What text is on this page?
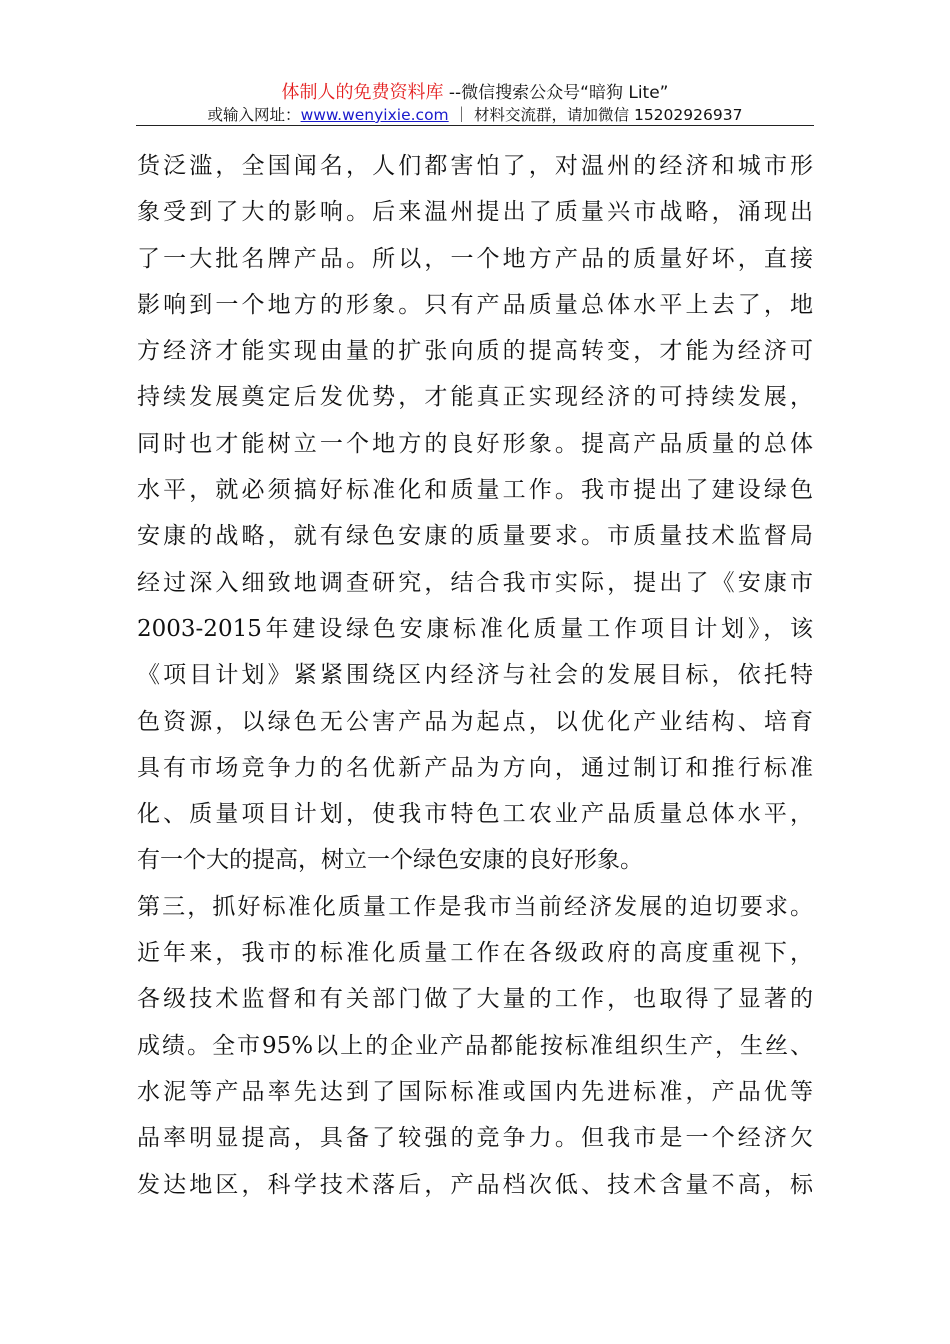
体制人的免费资料库 --微信搜索公众号“暗狗 Lite”
或输入网址：www.wenyixie.com ｜ 材料交流群，请加微信 15202926937
货泛滥，全国闻名，人们都害怕了，对温州的经济和城市形
象受到了大的影响。后来温州提出了质量兴市战略，涌现出
了一大批名牌产品。所以，一个地方产品的质量好坏，直接
影响到一个地方的形象。只有产品质量总体水平上去了，地
方经济才能实现由量的扩张向质的提高转变，才能为经济可
持续发展奠定后发优势，才能真正实现经济的可持续发展，
同时也才能树立一个地方的良好形象。提高产品质量的总体
水平，就必须搞好标准化和质量工作。我市提出了建设绿色
安康的战略，就有绿色安康的质量要求。市质量技术监督局
经过深入细致地调查研究，结合我市实际，提出了《安康市
2003-2015年建设绿色安康标准化质量工作项目计划》，该
《项目计划》紧紧围绕区内经济与社会的发展目标，依托特
色资源，以绿色无公害产品为起点，以优化产业结构、培育
具有市场竞争力的名优新产品为方向，通过制订和推行标准
化、质量项目计划，使我市特色工农业产品质量总体水平，
有一个大的提高，树立一个绿色安康的良好形象。
第三，抓好标准化质量工作是我市当前经济发展的迫切要求。
近年来，我市的标准化质量工作在各级政府的高度重视下，
各级技术监督和有关部门做了大量的工作，也取得了显著的
成绩。全市95%以上的企业产品都能按标准组织生产，生丝、
水泥等产品率先达到了国际标准或国内先进标准，产品优等
品率明显提高，具备了较强的竞争力。但我市是一个经济欠
发达地区，科学技术落后，产品档次低、技术含量不高，标
